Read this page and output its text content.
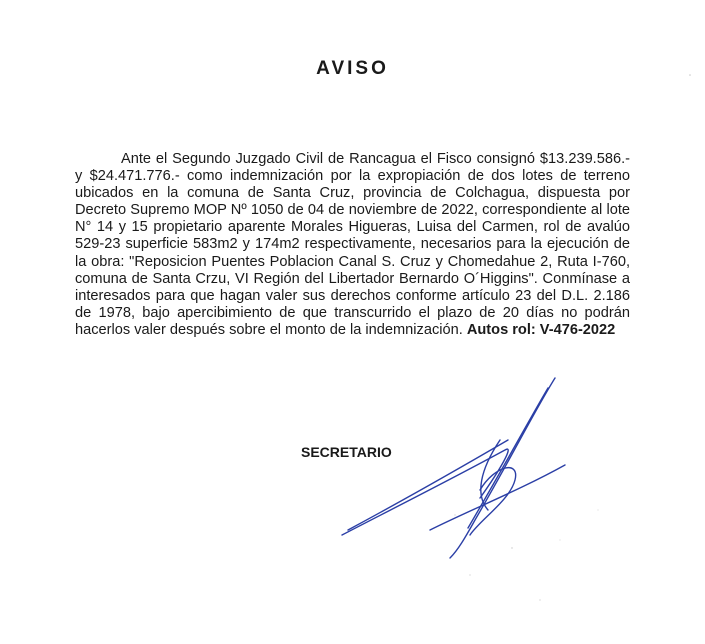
AVISO
Ante el Segundo Juzgado Civil de Rancagua el Fisco consignó $13.239.586.- y $24.471.776.- como indemnización por la expropiación de dos lotes de terreno ubicados en la comuna de Santa Cruz, provincia de Colchagua, dispuesta por Decreto Supremo MOP Nº 1050 de 04 de noviembre de 2022, correspondiente al lote N° 14 y 15 propietario aparente Morales Higueras, Luisa del Carmen, rol de avalúo 529-23 superficie 583m2 y 174m2 respectivamente, necesarios para la ejecución de la obra: "Reposicion Puentes Poblacion Canal S. Cruz y Chomedahue 2, Ruta I-760, comuna de Santa Crzu, VI Región del Libertador Bernardo O´Higgins". Conmínase a interesados para que hagan valer sus derechos conforme artículo 23 del D.L. 2.186 de 1978, bajo apercibimiento de que transcurrido el plazo de 20 días no podrán hacerlos valer después sobre el monto de la indemnización. Autos rol: V-476-2022
SECRETARIO
